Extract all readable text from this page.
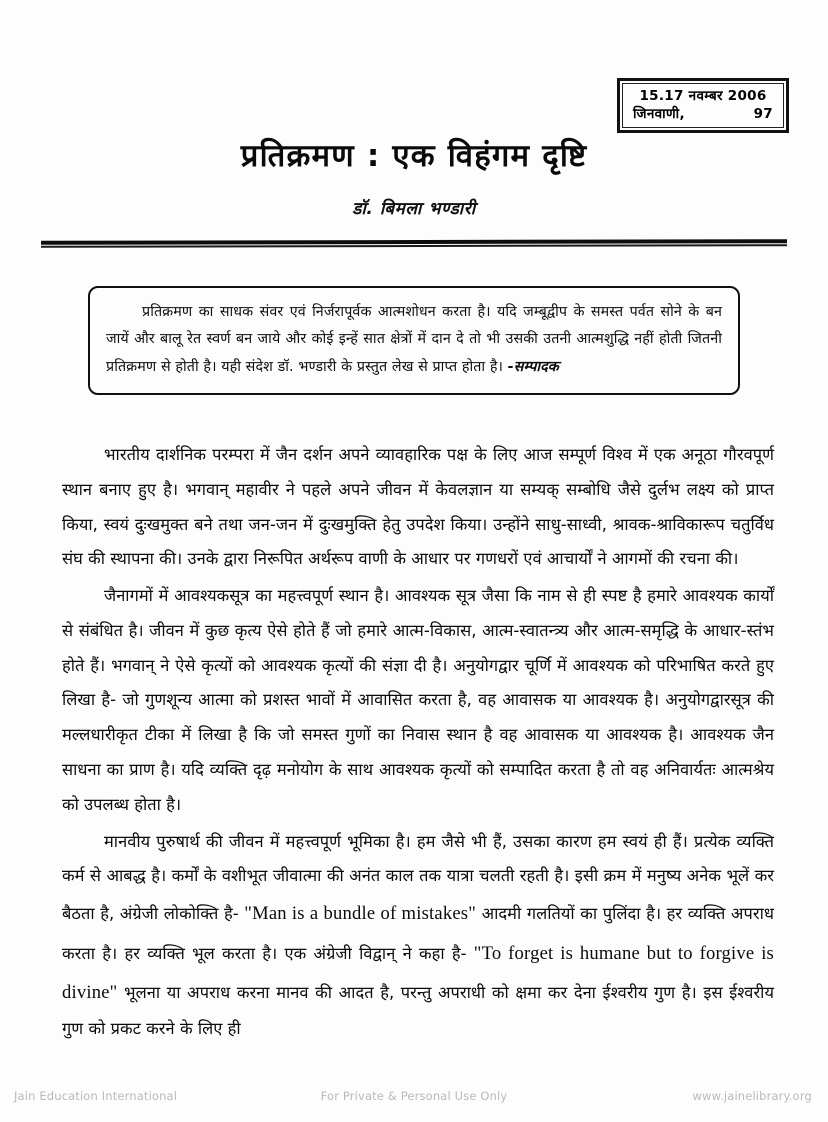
15.17 नवम्बर 2006
जिनवाणी,	97
प्रतिक्रमण : एक विहंगम दृष्टि
डॉ. बिमला भण्डारी
प्रतिक्रमण का साधक संवर एवं निर्जरापूर्वक आत्मशोधन करता है। यदि जम्बूद्वीप के समस्त पर्वत सोने के बन जायें और बालू रेत स्वर्ण बन जाये और कोई इन्हें सात क्षेत्रों में दान दे तो भी उसकी उतनी आत्मशुद्धि नहीं होती जितनी प्रतिक्रमण से होती है। यही संदेश डॉ. भण्डारी के प्रस्तुत लेख से प्राप्त होता है। -सम्पादक

भारतीय दार्शनिक परम्परा में जैन दर्शन अपने व्यावहारिक पक्ष के लिए आज सम्पूर्ण विश्व में एक अनूठा गौरवपूर्ण स्थान बनाए हुए है। भगवान् महावीर ने पहले अपने जीवन में केवलज्ञान या सम्यक् सम्बोधि जैसे दुर्लभ लक्ष्य को प्राप्त किया, स्वयं दुःखमुक्त बने तथा जन-जन में दुःखमुक्ति हेतु उपदेश किया। उन्होंने साधु-साध्वी, श्रावक-श्राविकारूप चतुर्विध संघ की स्थापना की। उनके द्वारा निरूपित अर्थरूप वाणी के आधार पर गणधरों एवं आचार्यों ने आगमों की रचना की।

जैनागमों में आवश्यकसूत्र का महत्त्वपूर्ण स्थान है। आवश्यक सूत्र जैसा कि नाम से ही स्पष्ट है हमारे आवश्यक कार्यों से संबंधित है। जीवन में कुछ कृत्य ऐसे होते हैं जो हमारे आत्म-विकास, आत्म-स्वातन्त्र्य और आत्म-समृद्धि के आधार-स्तंभ होते हैं। भगवान् ने ऐसे कृत्यों को आवश्यक कृत्यों की संज्ञा दी है। अनुयोगद्वार चूर्णि में आवश्यक को परिभाषित करते हुए लिखा है- जो गुणशून्य आत्मा को प्रशस्त भावों में आवासित करता है, वह आवासक या आवश्यक है। अनुयोगद्वारसूत्र की मल्लधारीकृत टीका में लिखा है कि जो समस्त गुणों का निवास स्थान है वह आवासक या आवश्यक है। आवश्यक जैन साधना का प्राण है। यदि व्यक्ति दृढ़ मनोयोग के साथ आवश्यक कृत्यों को सम्पादित करता है तो वह अनिवार्यतः आत्मश्रेय को उपलब्ध होता है।

मानवीय पुरुषार्थ की जीवन में महत्त्वपूर्ण भूमिका है। हम जैसे भी हैं, उसका कारण हम स्वयं ही हैं। प्रत्येक व्यक्ति कर्म से आबद्ध है। कर्मों के वशीभूत जीवात्मा की अनंत काल तक यात्रा चलती रहती है। इसी क्रम में मनुष्य अनेक भूलें कर बैठता है, अंग्रेजी लोकोक्ति है- "Man is a bundle of mistakes" आदमी गलतियों का पुलिंदा है। हर व्यक्ति अपराध करता है। हर व्यक्ति भूल करता है। एक अंग्रेजी विद्वान् ने कहा है- "To forget is humane but to forgive is divine" भूलना या अपराध करना मानव की आदत है, परन्तु अपराधी को क्षमा कर देना ईश्वरीय गुण है। इस ईश्वरीय गुण को प्रकट करने के लिए ही

Jain Education International	For Private & Personal Use Only	www.jainelibrary.org
